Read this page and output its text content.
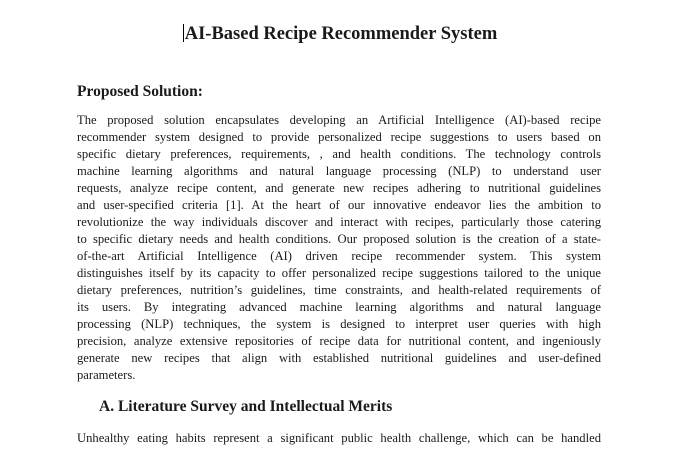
AI-Based Recipe Recommender System
Proposed Solution:
The proposed solution encapsulates developing an Artificial Intelligence (AI)-based recipe
recommender system designed to provide personalized recipe suggestions to users based on
specific dietary preferences, requirements, , and health conditions. The technology controls
machine learning algorithms and natural language processing (NLP) to understand user
requests, analyze recipe content, and generate new recipes adhering to nutritional guidelines
and user-specified criteria [1]. At the heart of our innovative endeavor lies the ambition to
revolutionize the way individuals discover and interact with recipes, particularly those catering
to specific dietary needs and health conditions. Our proposed solution is the creation of a state-
of-the-art Artificial Intelligence (AI) driven recipe recommender system. This system
distinguishes itself by its capacity to offer personalized recipe suggestions tailored to the unique
dietary preferences, nutrition’s guidelines, time constraints, and health-related requirements of
its users. By integrating advanced machine learning algorithms and natural language
processing (NLP) techniques, the system is designed to interpret user queries with high
precision, analyze extensive repositories of recipe data for nutritional content, and ingeniously
generate new recipes that align with established nutritional guidelines and user-defined
parameters.
A. Literature Survey and Intellectual Merits
Unhealthy eating habits represent a significant public health challenge, which can be handled
